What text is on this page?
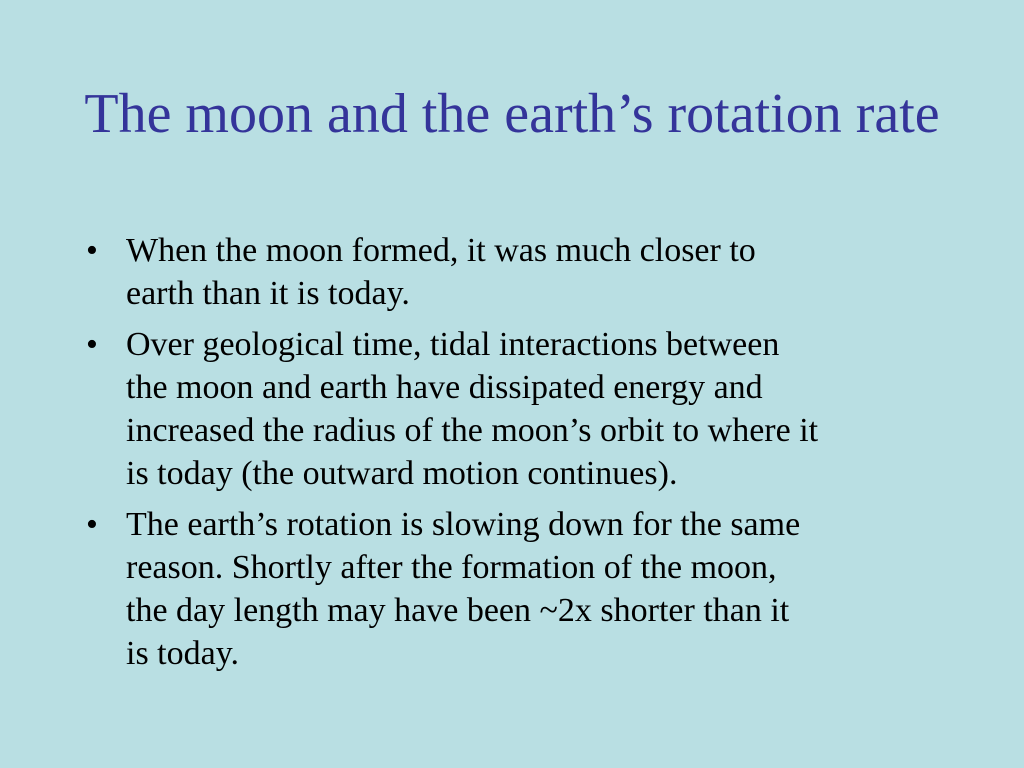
The moon and the earth’s rotation rate
• When the moon formed, it was much closer to
earth than it is today.
• Over geological time, tidal interactions between
the moon and earth have dissipated energy and
increased the radius of the moon’s orbit to where it
is today (the outward motion continues).
• The earth’s rotation is slowing down for the same
reason. Shortly after the formation of the moon,
the day length may have been ~2x shorter than it
is today.
